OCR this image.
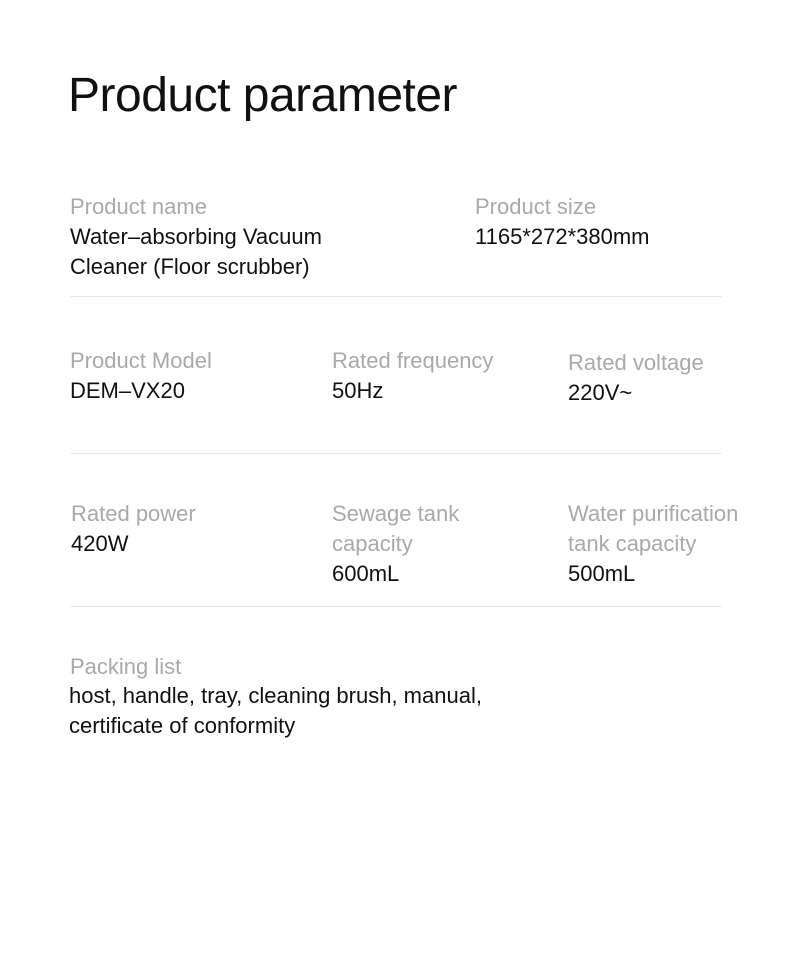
Product parameter
Product name
Water–absorbing Vacuum
Cleaner (Floor scrubber)
Product size
1165*272*380mm
Product Model
DEM–VX20
Rated frequency
50Hz
Rated voltage
220V~
Rated power
420W
Sewage tank
capacity
600mL
Water purification
tank capacity
500mL
Packing list
host, handle, tray, cleaning brush, manual,
certificate of conformity
